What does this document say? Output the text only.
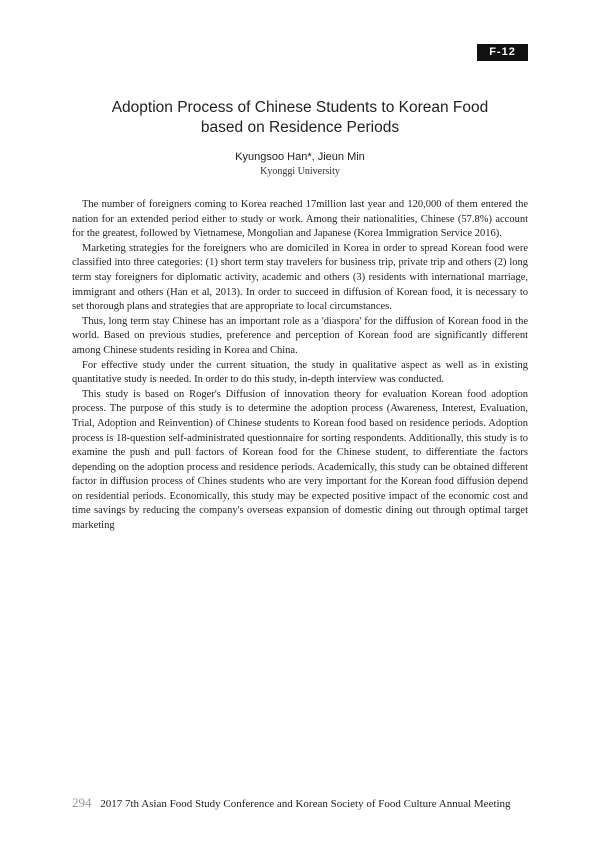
F-12
Adoption Process of Chinese Students to Korean Food
based on Residence Periods
Kyungsoo Han*, Jieun Min
Kyonggi University

The number of foreigners coming to Korea reached 17million last year and 120,000 of them entered the nation for an extended period either to study or work. Among their nationalities, Chinese (57.8%) account for the greatest, followed by Vietnamese, Mongolian and Japanese (Korea Immigration Service 2016).

Marketing strategies for the foreigners who are domiciled in Korea in order to spread Korean food were classified into three categories: (1) short term stay travelers for business trip, private trip and others (2) long term stay foreigners for diplomatic activity, academic and others (3) residents with international marriage, immigrant and others (Han et al, 2013). In order to succeed in diffusion of Korean food, it is necessary to set thorough plans and strategies that are appropriate to local circumstances.

Thus, long term stay Chinese has an important role as a 'diaspora' for the diffusion of Korean food in the world. Based on previous studies, preference and perception of Korean food are significantly different among Chinese students residing in Korea and China.

For effective study under the current situation, the study in qualitative aspect as well as in existing quantitative study is needed. In order to do this study, in-depth interview was conducted.

This study is based on Roger's Diffusion of innovation theory for evaluation Korean food adoption process. The purpose of this study is to determine the adoption process (Awareness, Interest, Evaluation, Trial, Adoption and Reinvention) of Chinese students to Korean food based on residence periods. Adoption process is 18-question self-administrated questionnaire for sorting respondents. Additionally, this study is to examine the push and pull factors of Korean food for the Chinese student, to differentiate the factors depending on the adoption process and residence periods. Academically, this study can be obtained different factor in diffusion process of Chines students who are very important for the Korean food diffusion depend on residential periods. Economically, this study may be expected positive impact of the economic cost and time savings by reducing the company's overseas expansion of domestic dining out through optimal target marketing

294 2017 7th Asian Food Study Conference and Korean Society of Food Culture Annual Meeting
